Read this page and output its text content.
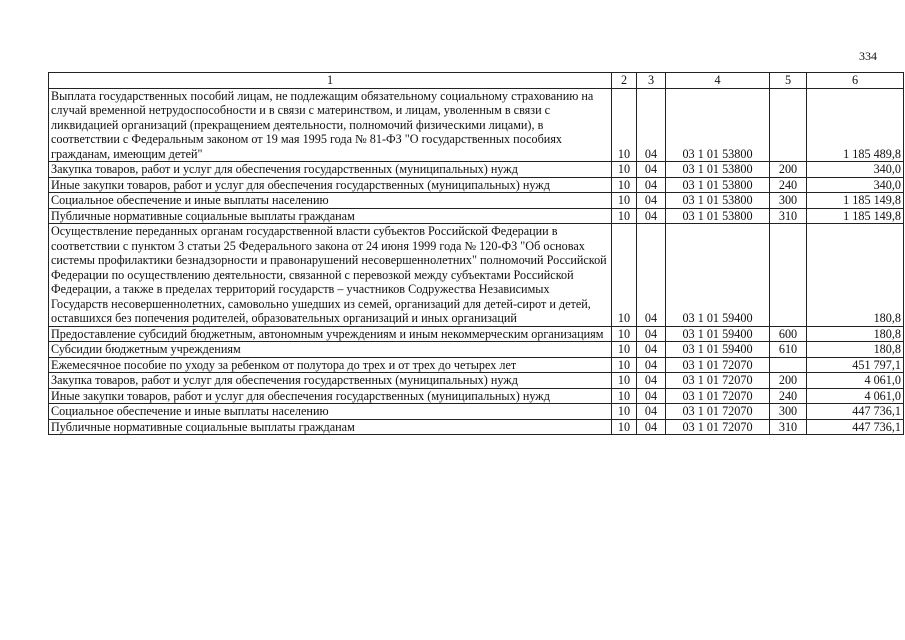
334
1	2	3	4	5	6
Выплата государственных пособий лицам, не подлежащим обязательному социальному страхованию на случай временной нетрудоспособности и в связи с материнством, и лицам, уволенным в связи с ликвидацией организаций (прекращением деятельности, полномочий физическими лицами), в соответствии с Федеральным законом от 19 мая 1995 года № 81-ФЗ "О государственных пособиях гражданам, имеющим детей"	10	04	03 1 01 53800		1 185 489,8
Закупка товаров, работ и услуг для обеспечения государственных (муниципальных) нужд	10	04	03 1 01 53800	200	340,0
Иные закупки товаров, работ и услуг для обеспечения государственных (муниципальных) нужд	10	04	03 1 01 53800	240	340,0
Социальное обеспечение и иные выплаты населению	10	04	03 1 01 53800	300	1 185 149,8
Публичные нормативные социальные выплаты гражданам	10	04	03 1 01 53800	310	1 185 149,8
Осуществление переданных органам государственной власти субъектов Российской Федерации в соответствии с пунктом 3 статьи 25 Федерального закона от 24 июня 1999 года № 120-ФЗ "Об основах системы профилактики безнадзорности и правонарушений несовершеннолетних" полномочий Российской Федерации по осуществлению деятельности, связанной с перевозкой между субъектами Российской Федерации, а также в пределах территорий государств – участников Содружества Независимых Государств несовершеннолетних, самовольно ушедших из семей, организаций для детей-сирот и детей, оставшихся без попечения родителей, образовательных организаций и иных организаций	10	04	03 1 01 59400		180,8
Предоставление субсидий бюджетным, автономным учреждениям и иным некоммерческим организациям	10	04	03 1 01 59400	600	180,8
Субсидии бюджетным учреждениям	10	04	03 1 01 59400	610	180,8
Ежемесячное пособие по уходу за ребенком от полутора до трех и от трех до четырех лет	10	04	03 1 01 72070		451 797,1
Закупка товаров, работ и услуг для обеспечения государственных (муниципальных) нужд	10	04	03 1 01 72070	200	4 061,0
Иные закупки товаров, работ и услуг для обеспечения государственных (муниципальных) нужд	10	04	03 1 01 72070	240	4 061,0
Социальное обеспечение и иные выплаты населению	10	04	03 1 01 72070	300	447 736,1
Публичные нормативные социальные выплаты гражданам	10	04	03 1 01 72070	310	447 736,1
